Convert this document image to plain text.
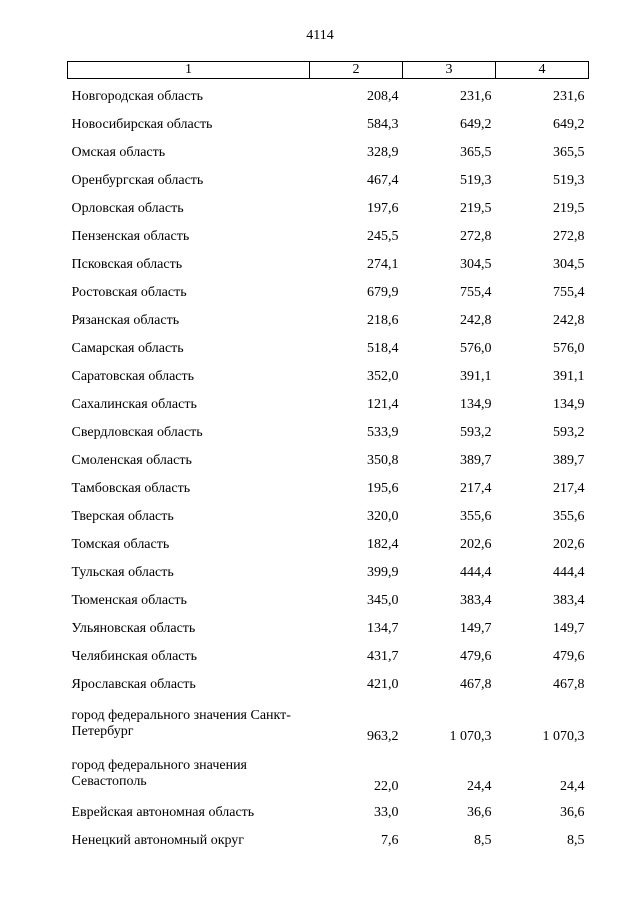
4114
1	2	3	4
Новгородская область	208,4	231,6	231,6
Новосибирская область	584,3	649,2	649,2
Омская область	328,9	365,5	365,5
Оренбургская область	467,4	519,3	519,3
Орловская область	197,6	219,5	219,5
Пензенская область	245,5	272,8	272,8
Псковская область	274,1	304,5	304,5
Ростовская область	679,9	755,4	755,4
Рязанская область	218,6	242,8	242,8
Самарская область	518,4	576,0	576,0
Саратовская область	352,0	391,1	391,1
Сахалинская область	121,4	134,9	134,9
Свердловская область	533,9	593,2	593,2
Смоленская область	350,8	389,7	389,7
Тамбовская область	195,6	217,4	217,4
Тверская область	320,0	355,6	355,6
Томская область	182,4	202,6	202,6
Тульская область	399,9	444,4	444,4
Тюменская область	345,0	383,4	383,4
Ульяновская область	134,7	149,7	149,7
Челябинская область	431,7	479,6	479,6
Ярославская область	421,0	467,8	467,8
город федерального значения Санкт-Петербург	963,2	1 070,3	1 070,3
город федерального значения Севастополь	22,0	24,4	24,4
Еврейская автономная область	33,0	36,6	36,6
Ненецкий автономный округ	7,6	8,5	8,5
